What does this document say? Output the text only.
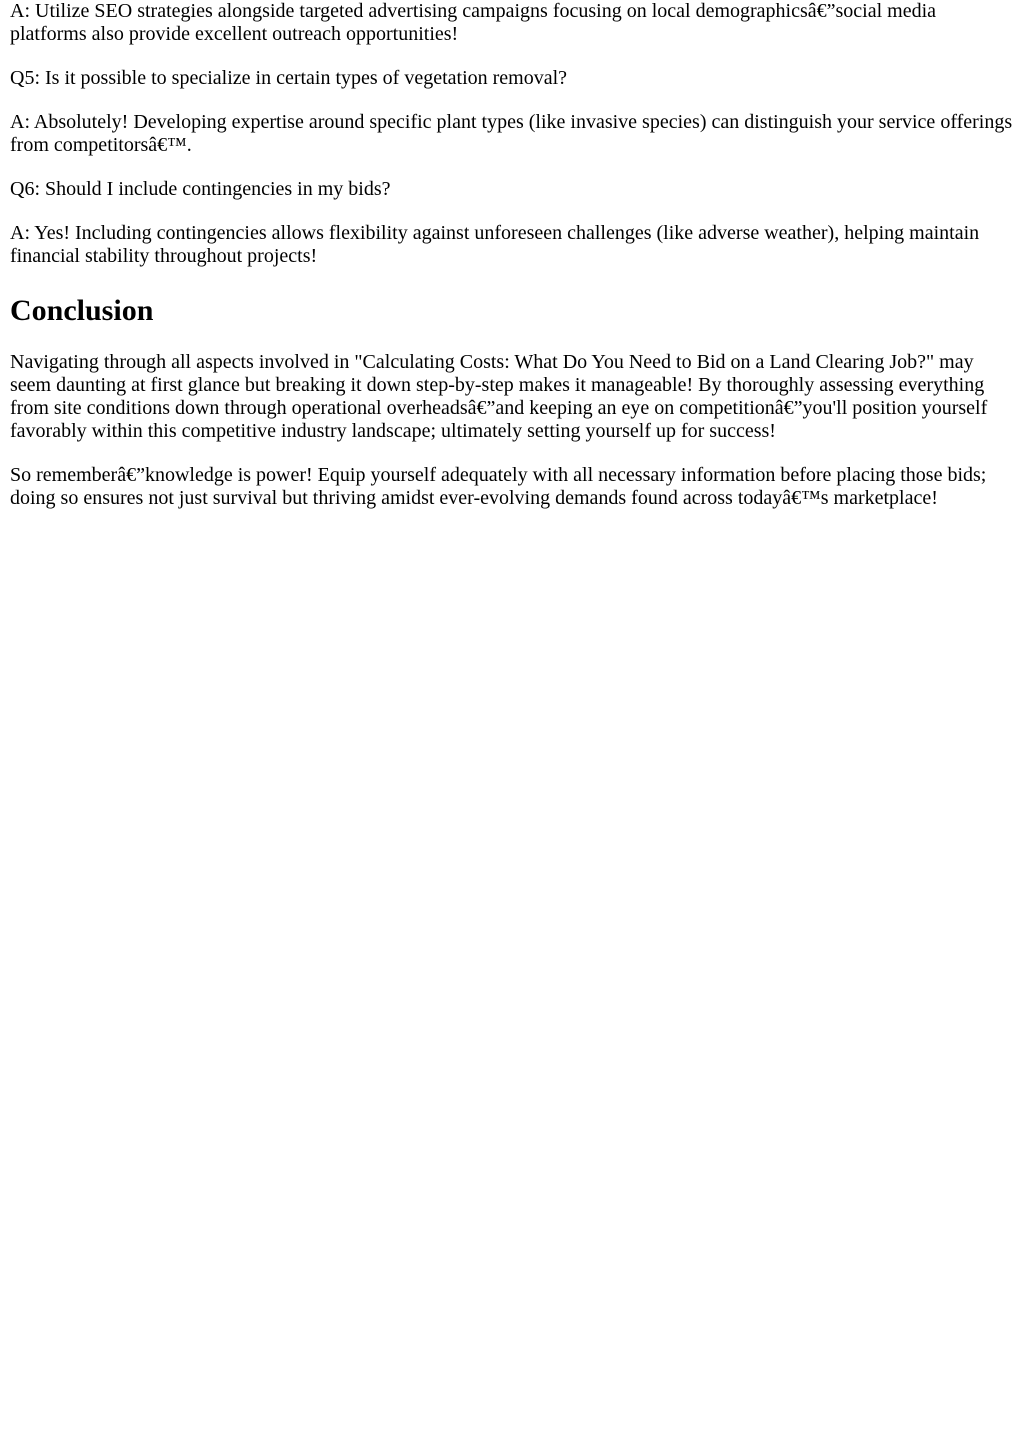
A: Utilize SEO strategies alongside targeted advertising campaigns focusing on local demographicsâ€”social media platforms also provide excellent outreach opportunities!

Q5: Is it possible to specialize in certain types of vegetation removal?

A: Absolutely! Developing expertise around specific plant types (like invasive species) can distinguish your service offerings from competitorsâ€™.

Q6: Should I include contingencies in my bids?

A: Yes! Including contingencies allows flexibility against unforeseen challenges (like adverse weather), helping maintain financial stability throughout projects!

Conclusion

Navigating through all aspects involved in "Calculating Costs: What Do You Need to Bid on a Land Clearing Job?" may seem daunting at first glance but breaking it down step-by-step makes it manageable! By thoroughly assessing everything from site conditions down through operational overheadsâ€”and keeping an eye on competitionâ€”you'll position yourself favorably within this competitive industry landscape; ultimately setting yourself up for success!

So rememberâ€”knowledge is power! Equip yourself adequately with all necessary information before placing those bids; doing so ensures not just survival but thriving amidst ever-evolving demands found across todayâ€™s marketplace!
